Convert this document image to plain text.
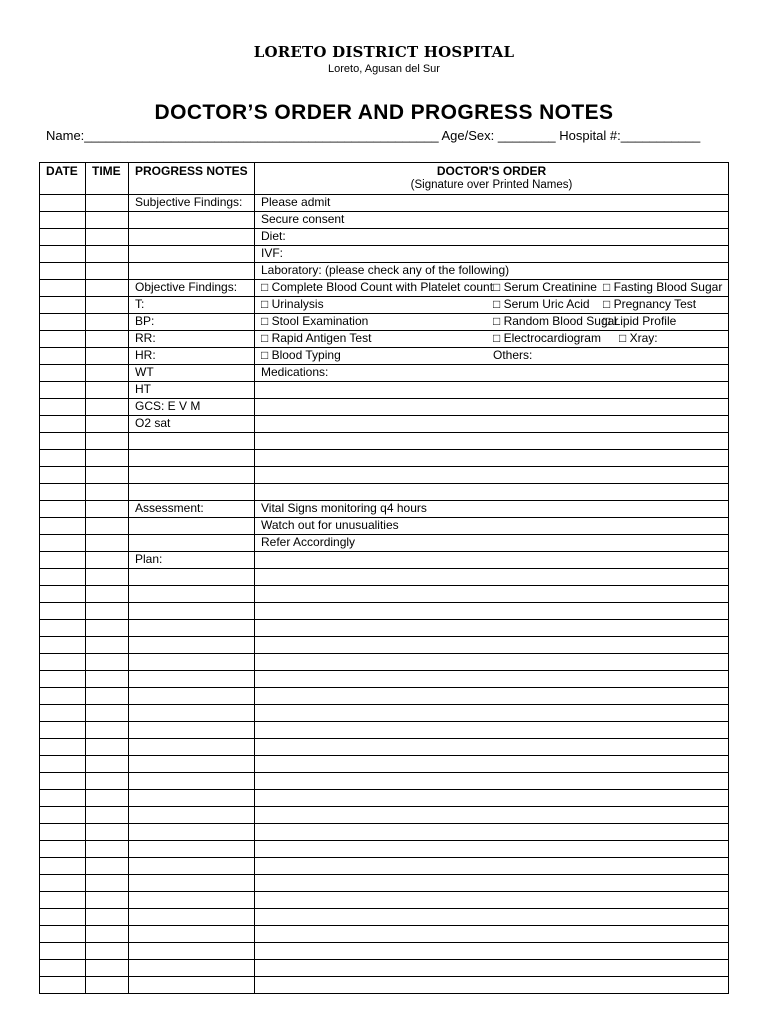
LORETO DISTRICT HOSPITAL
Loreto, Agusan del Sur
DOCTOR’S ORDER AND PROGRESS NOTES
Name:_________________________________________________ Age/Sex: ________ Hospital #:___________
DATE	TIME	PROGRESS NOTES	DOCTOR'S ORDER
(Signature over Printed Names)

		Subjective Findings:	Please admit
			Secure consent
			Diet:
			IVF:
			Laboratory: (please check any of the following)
		Objective Findings:	□ Complete Blood Count with Platelet count □ Serum Creatinine □ Fasting Blood Sugar

		T:	□ Urinalysis □ Serum Uric Acid □ Pregnancy Test

		BP:	□ Stool Examination □ Random Blood Sugar
□ Lipid Profile

		RR:	□ Rapid Antigen Test □ Electrocardiogram □ Xray:

		HR:	□ Blood Typing Others:

		WT	Medications:
		HT	
		GCS: E V M	
		O2 sat	

		Assessment:	Vital Signs monitoring q4 hours
			Watch out for unusualities
			Refer Accordingly
		Plan:	
